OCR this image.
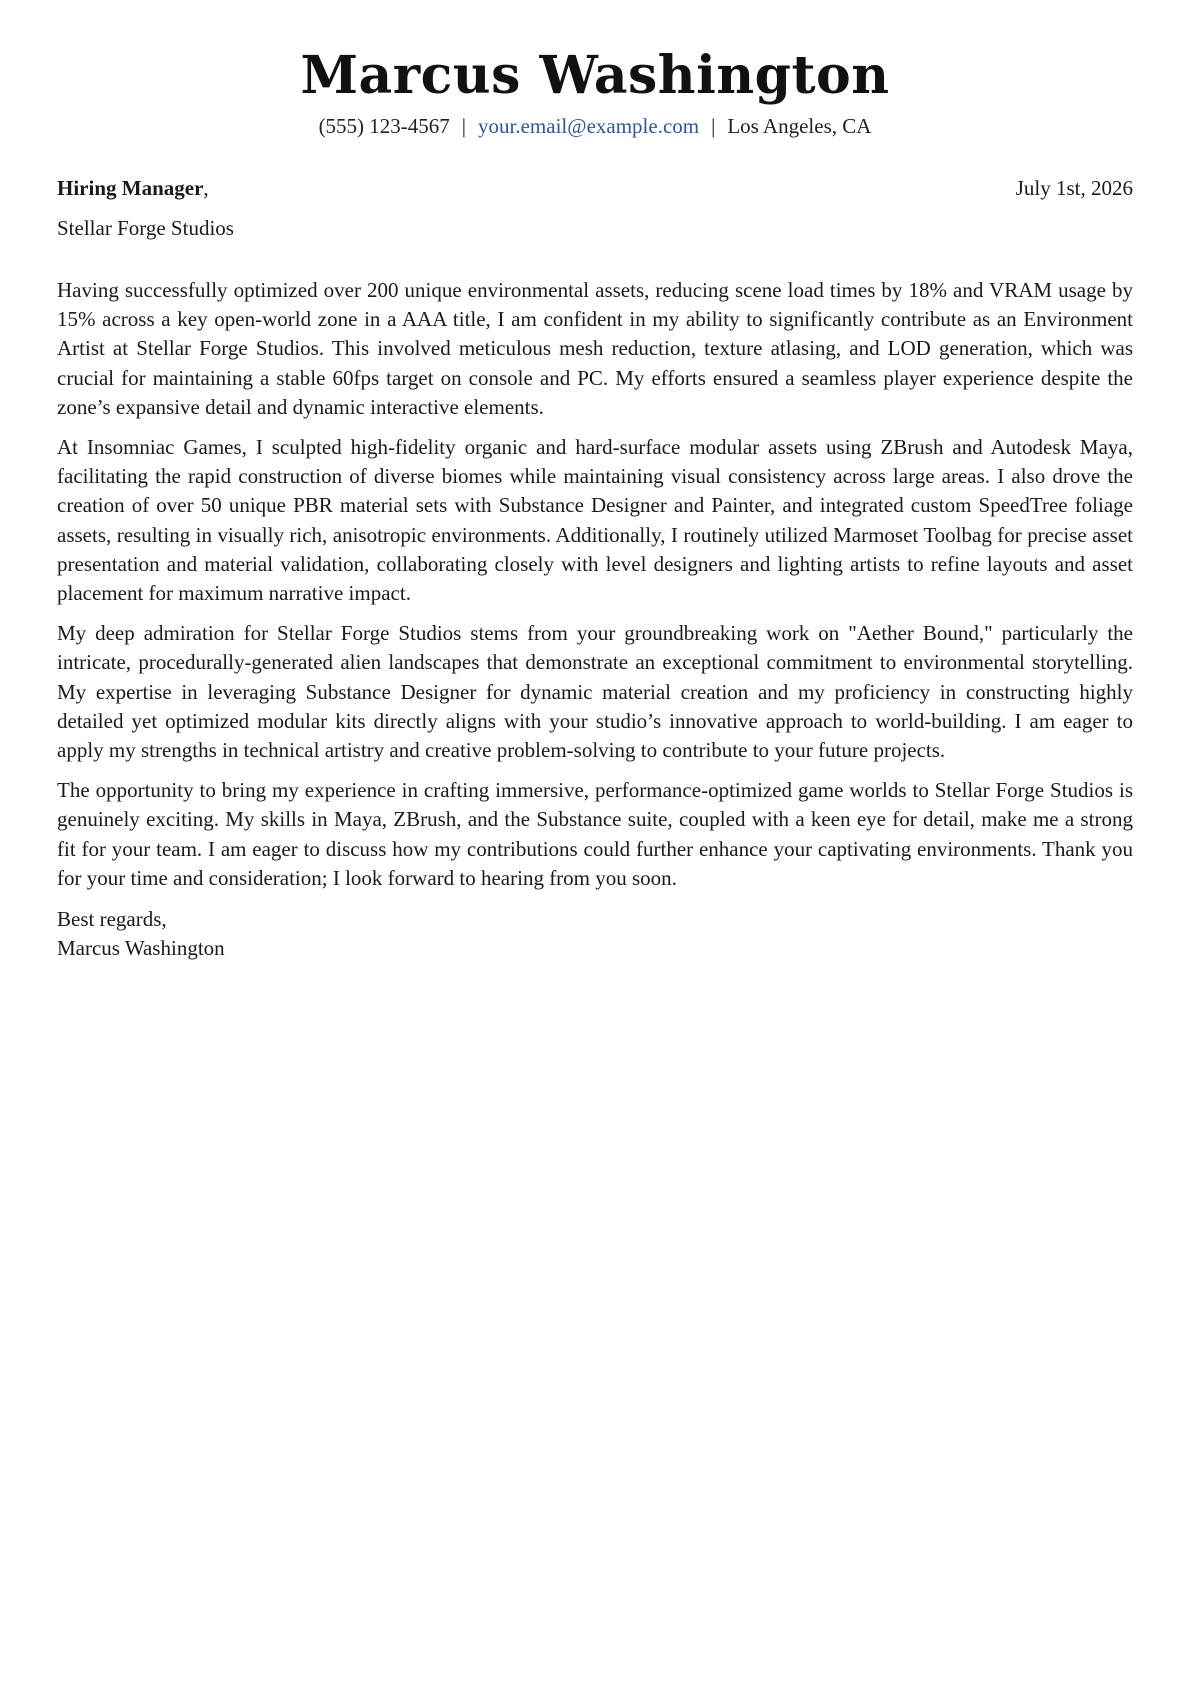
Marcus Washington
(555) 123-4567 | your.email@example.com | Los Angeles, CA
Hiring Manager,	July 1st, 2026
Stellar Forge Studios

Having successfully optimized over 200 unique environmental assets, reducing scene load times by 18% and VRAM usage by 15% across a key open-world zone in a AAA title, I am confident in my ability to significantly contribute as an Environment Artist at Stellar Forge Studios. This involved meticulous mesh reduction, texture atlasing, and LOD generation, which was crucial for maintaining a stable 60fps target on console and PC. My efforts ensured a seamless player experience despite the zone’s expansive detail and dynamic interactive elements.

At Insomniac Games, I sculpted high-fidelity organic and hard-surface modular assets using ZBrush and Autodesk Maya, facilitating the rapid construction of diverse biomes while maintaining visual consistency across large areas. I also drove the creation of over 50 unique PBR material sets with Substance Designer and Painter, and integrated custom SpeedTree foliage assets, resulting in visually rich, anisotropic environments. Additionally, I routinely utilized Marmoset Toolbag for precise asset presentation and material validation, collaborating closely with level designers and lighting artists to refine layouts and asset placement for maximum narrative impact.

My deep admiration for Stellar Forge Studios stems from your groundbreaking work on "Aether Bound," particularly the intricate, procedurally-generated alien landscapes that demonstrate an exceptional commitment to environmental storytelling. My expertise in leveraging Substance Designer for dynamic material creation and my proficiency in constructing highly detailed yet optimized modular kits directly aligns with your studio’s innovative approach to world-building. I am eager to apply my strengths in technical artistry and creative problem-solving to contribute to your future projects.

The opportunity to bring my experience in crafting immersive, performance-optimized game worlds to Stellar Forge Studios is genuinely exciting. My skills in Maya, ZBrush, and the Substance suite, coupled with a keen eye for detail, make me a strong fit for your team. I am eager to discuss how my contributions could further enhance your captivating environments. Thank you for your time and consideration; I look forward to hearing from you soon.

Best regards,
Marcus Washington
